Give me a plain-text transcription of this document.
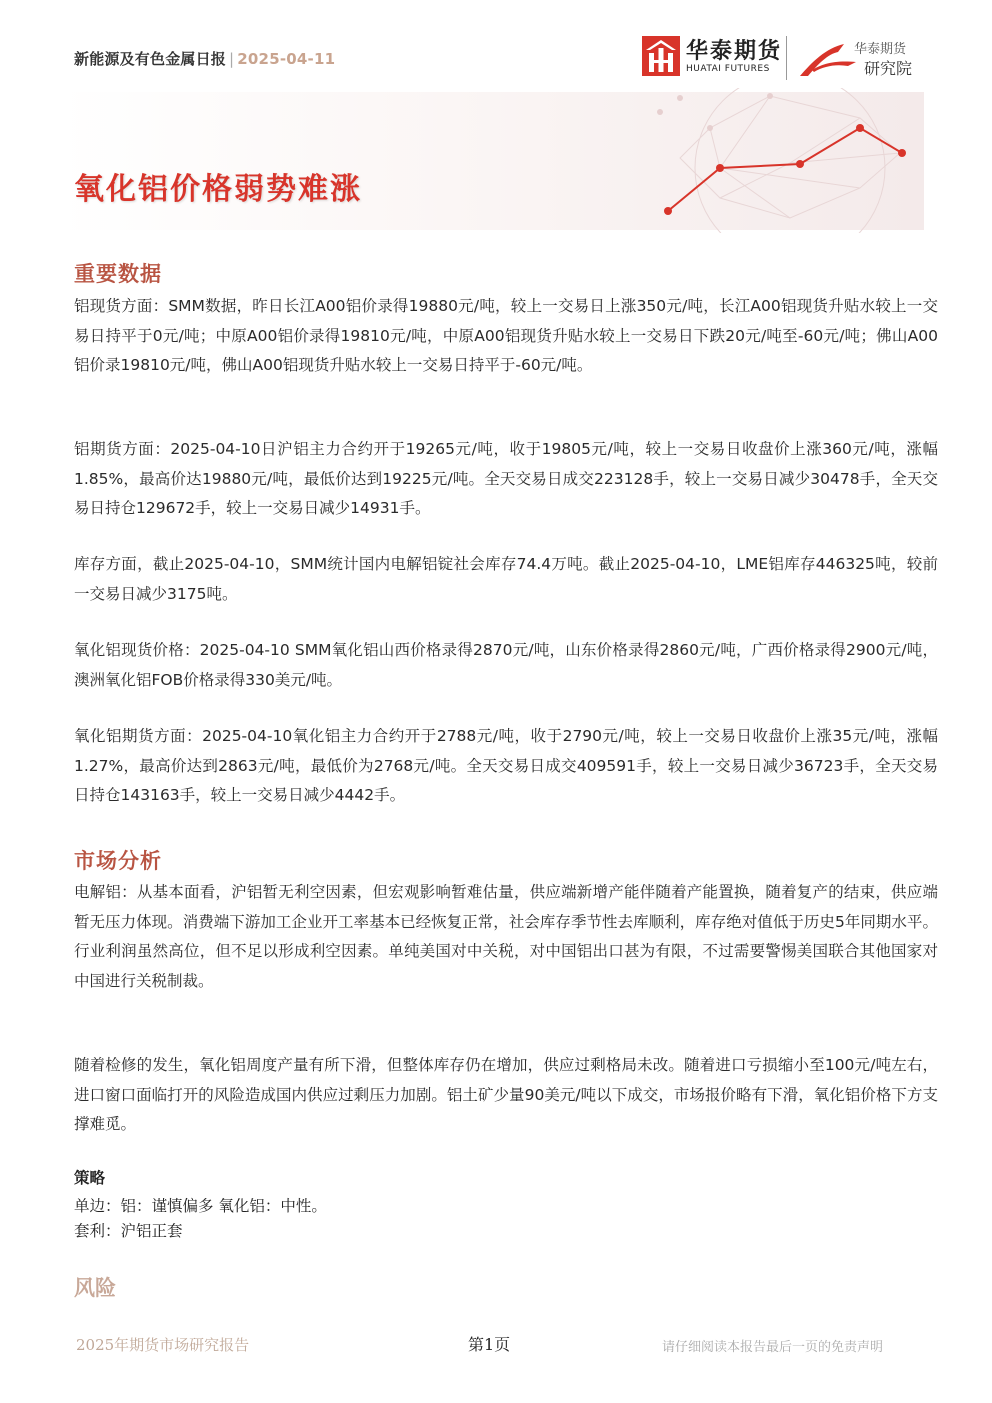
新能源及有色金属日报 | 2025-04-11	华泰期货
HUATAI FUTURES
华泰期货
研究院
氧化铝价格弱势难涨
重要数据

铝现货方面：SMM数据，昨日长江A00铝价录得19880元/吨，较上一交易日上涨350元/吨，长江A00铝现货升贴水较上一交易日持平于0元/吨；中原A00铝价录得19810元/吨，中原A00铝现货升贴水较上一交易日下跌20元/吨至-60元/吨；佛山A00铝价录19810元/吨，佛山A00铝现货升贴水较上一交易日持平于-60元/吨。

铝期货方面：2025-04-10日沪铝主力合约开于19265元/吨，收于19805元/吨，较上一交易日收盘价上涨360元/吨，涨幅1.85%，最高价达19880元/吨，最低价达到19225元/吨。全天交易日成交223128手，较上一交易日减少30478手，全天交易日持仓129672手，较上一交易日减少14931手。

库存方面，截止2025-04-10，SMM统计国内电解铝锭社会库存74.4万吨。截止2025-04-10，LME铝库存446325吨，较前一交易日减少3175吨。

氧化铝现货价格：2025-04-10 SMM氧化铝山西价格录得2870元/吨，山东价格录得2860元/吨，广西价格录得2900元/吨，澳洲氧化铝FOB价格录得330美元/吨。

氧化铝期货方面：2025-04-10氧化铝主力合约开于2788元/吨，收于2790元/吨，较上一交易日收盘价上涨35元/吨，涨幅1.27%，最高价达到2863元/吨，最低价为2768元/吨。全天交易日成交409591手，较上一交易日减少36723手，全天交易日持仓143163手，较上一交易日减少4442手。

市场分析

电解铝：从基本面看，沪铝暂无利空因素，但宏观影响暂难估量，供应端新增产能伴随着产能置换，随着复产的结束，供应端暂无压力体现。消费端下游加工企业开工率基本已经恢复正常，社会库存季节性去库顺利，库存绝对值低于历史5年同期水平。行业利润虽然高位，但不足以形成利空因素。单纯美国对中关税，对中国铝出口甚为有限，不过需要警惕美国联合其他国家对中国进行关税制裁。

随着检修的发生，氧化铝周度产量有所下滑，但整体库存仍在增加，供应过剩格局未改。随着进口亏损缩小至100元/吨左右，进口窗口面临打开的风险造成国内供应过剩压力加剧。铝土矿少量90美元/吨以下成交，市场报价略有下滑，氧化铝价格下方支撑难觅。

策略
单边：铝：谨慎偏多 氧化铝：中性。
套利：沪铝正套
风险
2025年期货市场研究报告	第1页	请仔细阅读本报告最后一页的免责声明
